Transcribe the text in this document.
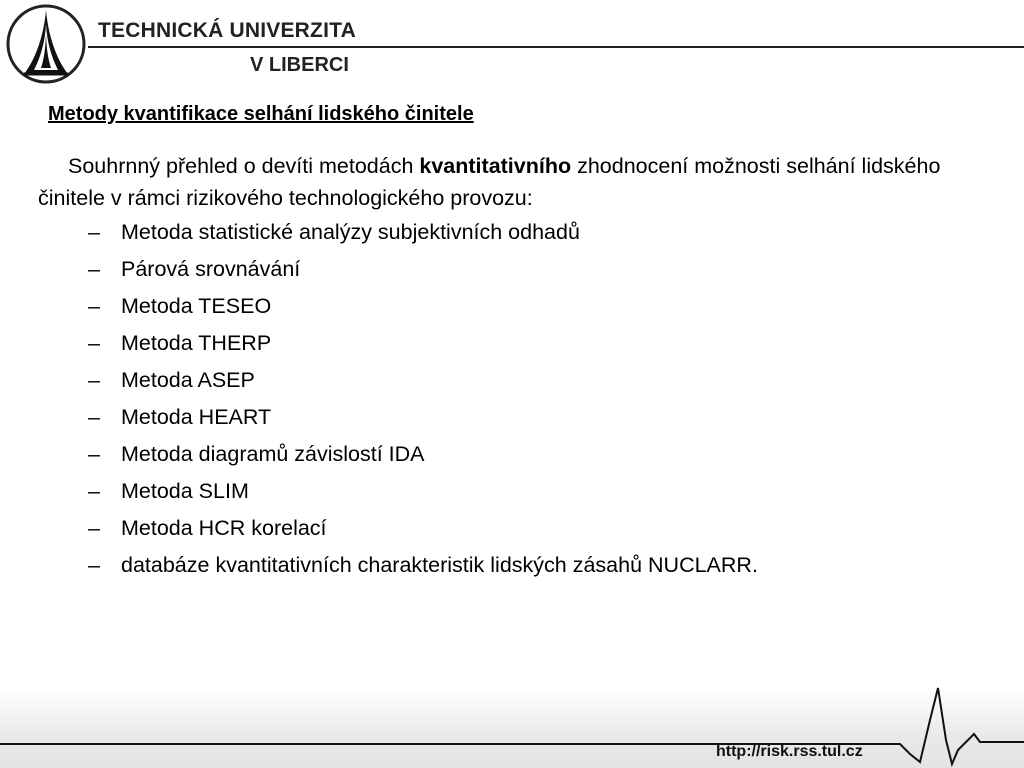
TECHNICKÁ UNIVERZITA
V LIBERCI
Metody kvantifikace selhání lidského činitele

Souhrnný přehled o devíti metodách kvantitativního zhodnocení možnosti selhání lidského činitele v rámci rizikového technologického provozu:

– Metoda statistické analýzy subjektivních odhadů
– Párová srovnávání
– Metoda TESEO
– Metoda THERP
– Metoda ASEP
– Metoda HEART
– Metoda diagramů závislostí IDA
– Metoda SLIM
– Metoda HCR korelací
– databáze kvantitativních charakteristik lidských zásahů NUCLARR.
http://risk.rss.tul.cz
